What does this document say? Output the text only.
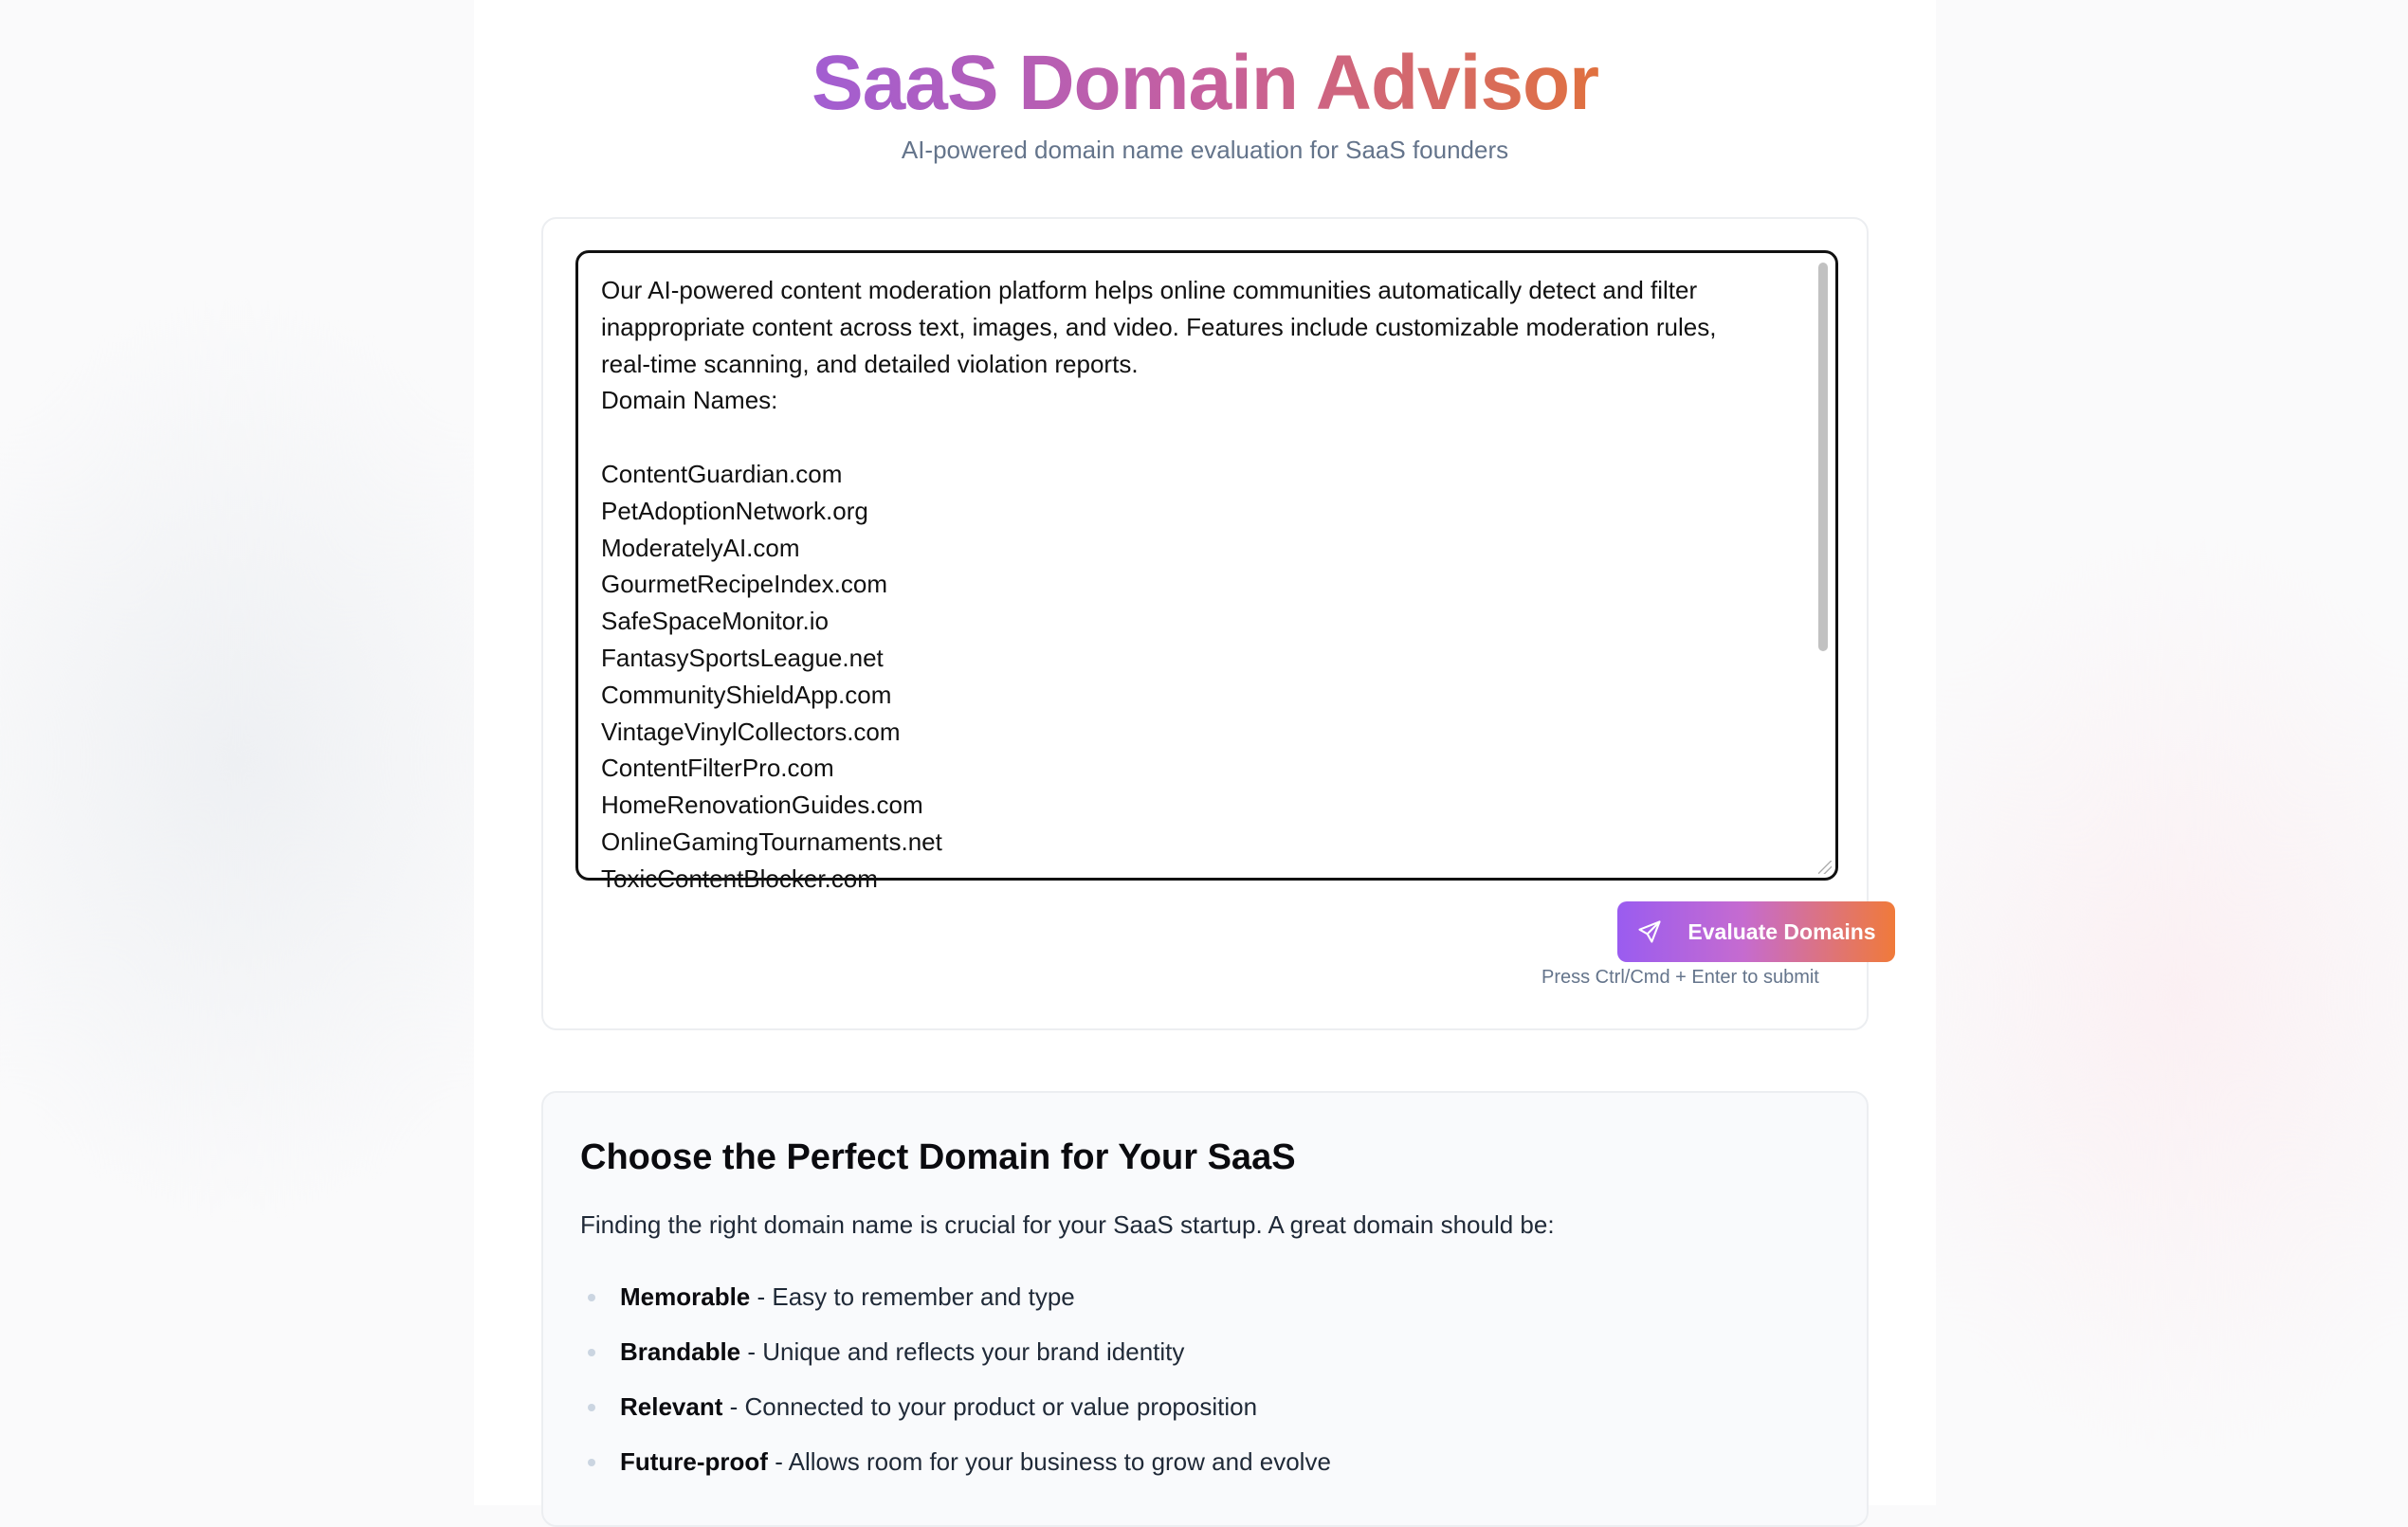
SaaS Domain Advisor

AI-powered domain name evaluation for SaaS founders

Our AI-powered content moderation platform helps online communities automatically detect and filter
inappropriate content across text, images, and video. Features include customizable moderation rules,
real-time scanning, and detailed violation reports.
Domain Names:

ContentGuardian.com
PetAdoptionNetwork.org
ModeratelyAI.com
GourmetRecipeIndex.com
SafeSpaceMonitor.io
FantasySportsLeague.net
CommunityShieldApp.com
VintageVinylCollectors.com
ContentFilterPro.com
HomeRenovationGuides.com
OnlineGamingTournaments.net
ToxicContentBlocker.com
Evaluate Domains
Choose the Perfect Domain for Your SaaS

Finding the right domain name is crucial for your SaaS startup. A great domain should be:

Memorable - Easy to remember and type
Brandable - Unique and reflects your brand identity
Relevant - Connected to your product or value proposition
Future-proof - Allows room for your business to grow and evolve
Press Ctrl/Cmd + Enter to submit
